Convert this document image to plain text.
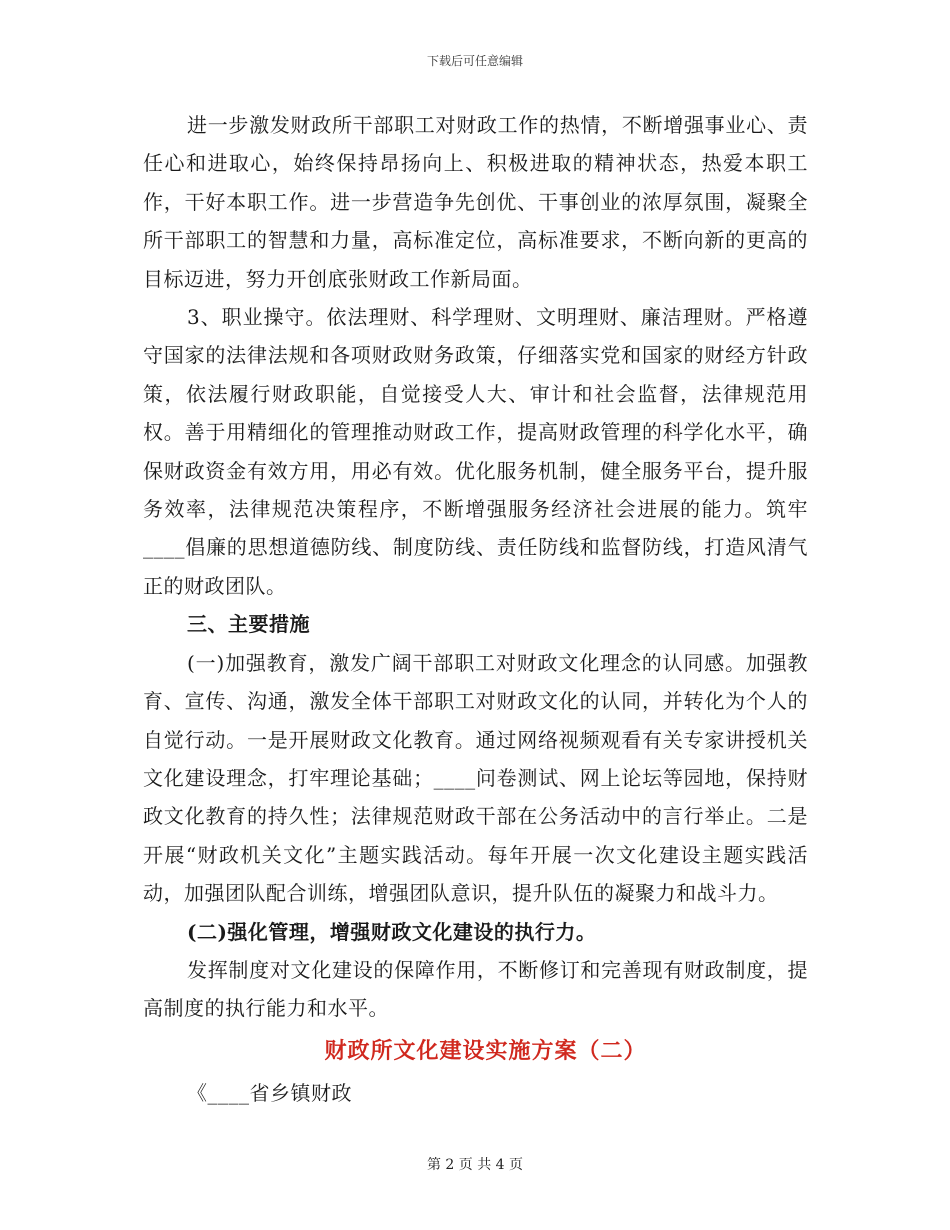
下载后可任意编辑

进一步激发财政所干部职工对财政工作的热情，不断增强事业心、责任心和进取心，始终保持昂扬向上、积极进取的精神状态，热爱本职工作，干好本职工作。进一步营造争先创优、干事创业的浓厚氛围，凝聚全所干部职工的智慧和力量，高标准定位，高标准要求，不断向新的更高的目标迈进，努力开创底张财政工作新局面。

3、职业操守。依法理财、科学理财、文明理财、廉洁理财。严格遵守国家的法律法规和各项财政财务政策，仔细落实党和国家的财经方针政策，依法履行财政职能，自觉接受人大、审计和社会监督，法律规范用权。善于用精细化的管理推动财政工作，提高财政管理的科学化水平，确保财政资金有效方用，用必有效。优化服务机制，健全服务平台，提升服务效率，法律规范决策程序，不断增强服务经济社会进展的能力。筑牢____倡廉的思想道德防线、制度防线、责任防线和监督防线，打造风清气正的财政团队。

三、主要措施

(一)加强教育，激发广阔干部职工对财政文化理念的认同感。加强教育、宣传、沟通，激发全体干部职工对财政文化的认同，并转化为个人的自觉行动。一是开展财政文化教育。通过网络视频观看有关专家讲授机关文化建设理念，打牢理论基础；____问卷测试、网上论坛等园地，保持财政文化教育的持久性；法律规范财政干部在公务活动中的言行举止。二是开展“财政机关文化”主题实践活动。每年开展一次文化建设主题实践活动，加强团队配合训练，增强团队意识，提升队伍的凝聚力和战斗力。

(二)强化管理，增强财政文化建设的执行力。

发挥制度对文化建设的保障作用，不断修订和完善现有财政制度，提高制度的执行能力和水平。

财政所文化建设实施方案（二）

《____省乡镇财政

第 2 页 共 4 页
